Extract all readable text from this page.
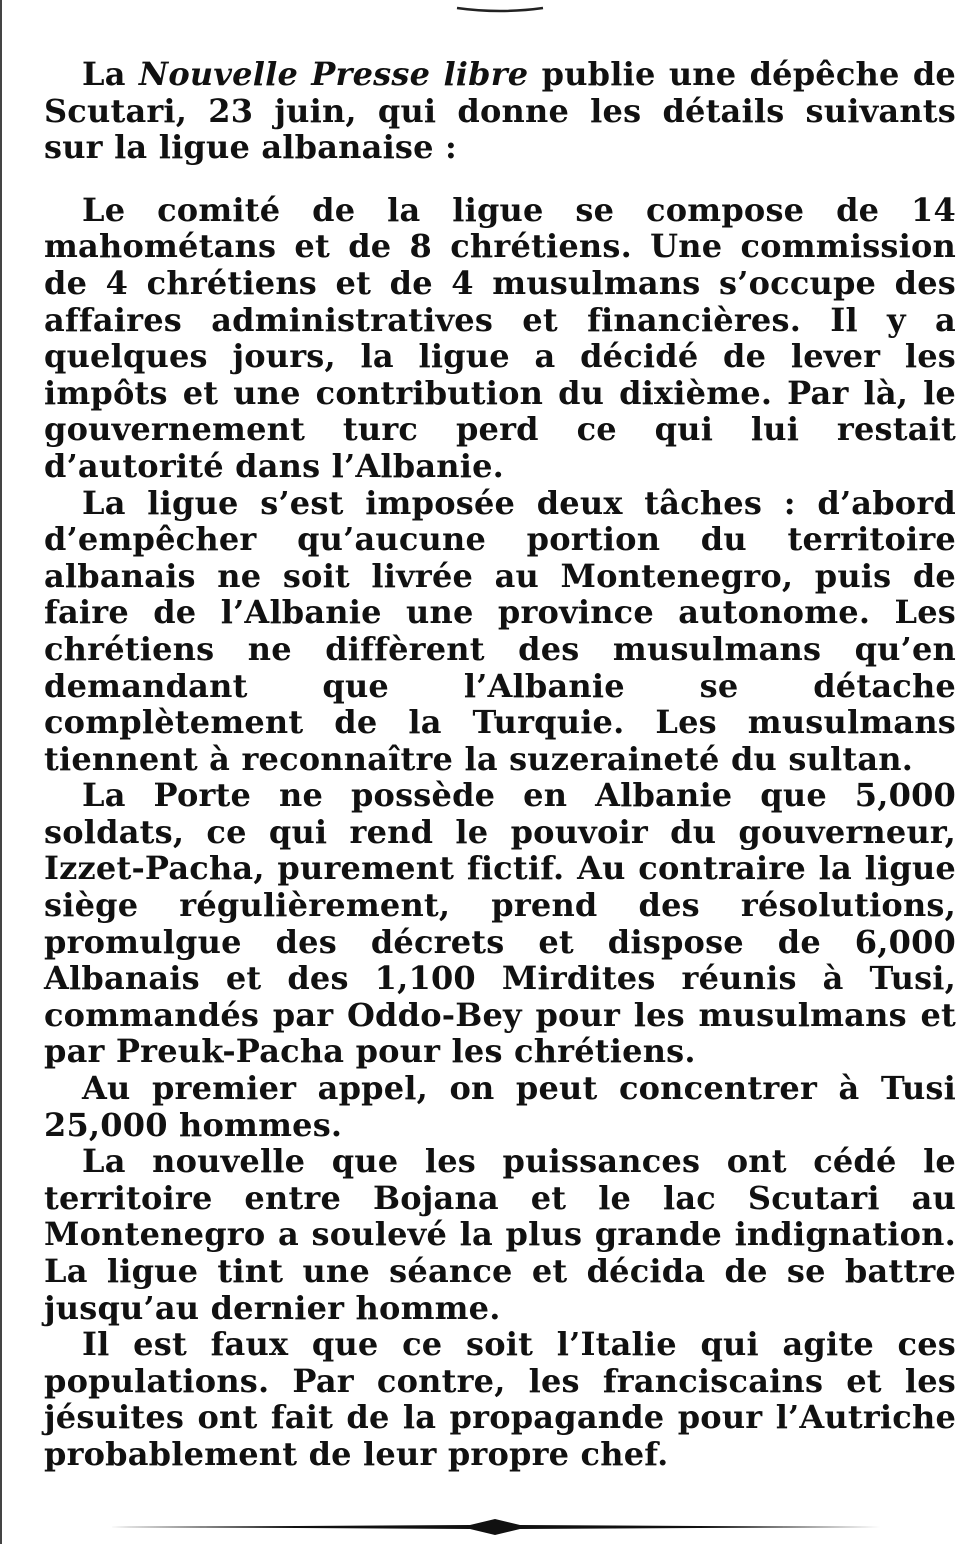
La Nouvelle Presse libre publie une dépêche de Scutari, 23 juin, qui donne les détails suivants sur la ligue albanaise :

Le comité de la ligue se compose de 14 mahométans et de 8 chrétiens. Une commission de 4 chrétiens et de 4 musulmans s’occupe des affaires administratives et financières. Il y a quelques jours, la ligue a décidé de lever les impôts et une contribution du dixième. Par là, le gouvernement turc perd ce qui lui restait d’autorité dans l’Albanie.

La ligue s’est imposée deux tâches : d’abord d’empêcher qu’aucune portion du territoire albanais ne soit livrée au Montenegro, puis de faire de l’Albanie une province autonome. Les chrétiens ne diffèrent des musulmans qu’en demandant que l’Albanie se détache complètement de la Turquie. Les musulmans tiennent à reconnaître la suzeraineté du sultan.

La Porte ne possède en Albanie que 5,000 soldats, ce qui rend le pouvoir du gouverneur, Izzet-Pacha, purement fictif. Au contraire la ligue siège régulièrement, prend des résolutions, promulgue des décrets et dispose de 6,000 Albanais et des 1,100 Mirdites réunis à Tusi, commandés par Oddo-Bey pour les musulmans et par Preuk-Pacha pour les chrétiens.

Au premier appel, on peut concentrer à Tusi 25,000 hommes.

La nouvelle que les puissances ont cédé le territoire entre Bojana et le lac Scutari au Montenegro a soulevé la plus grande indignation. La ligue tint une séance et décida de se battre jusqu’au dernier homme.

Il est faux que ce soit l’Italie qui agite ces populations. Par contre, les franciscains et les jésuites ont fait de la propagande pour l’Autriche probablement de leur propre chef.
